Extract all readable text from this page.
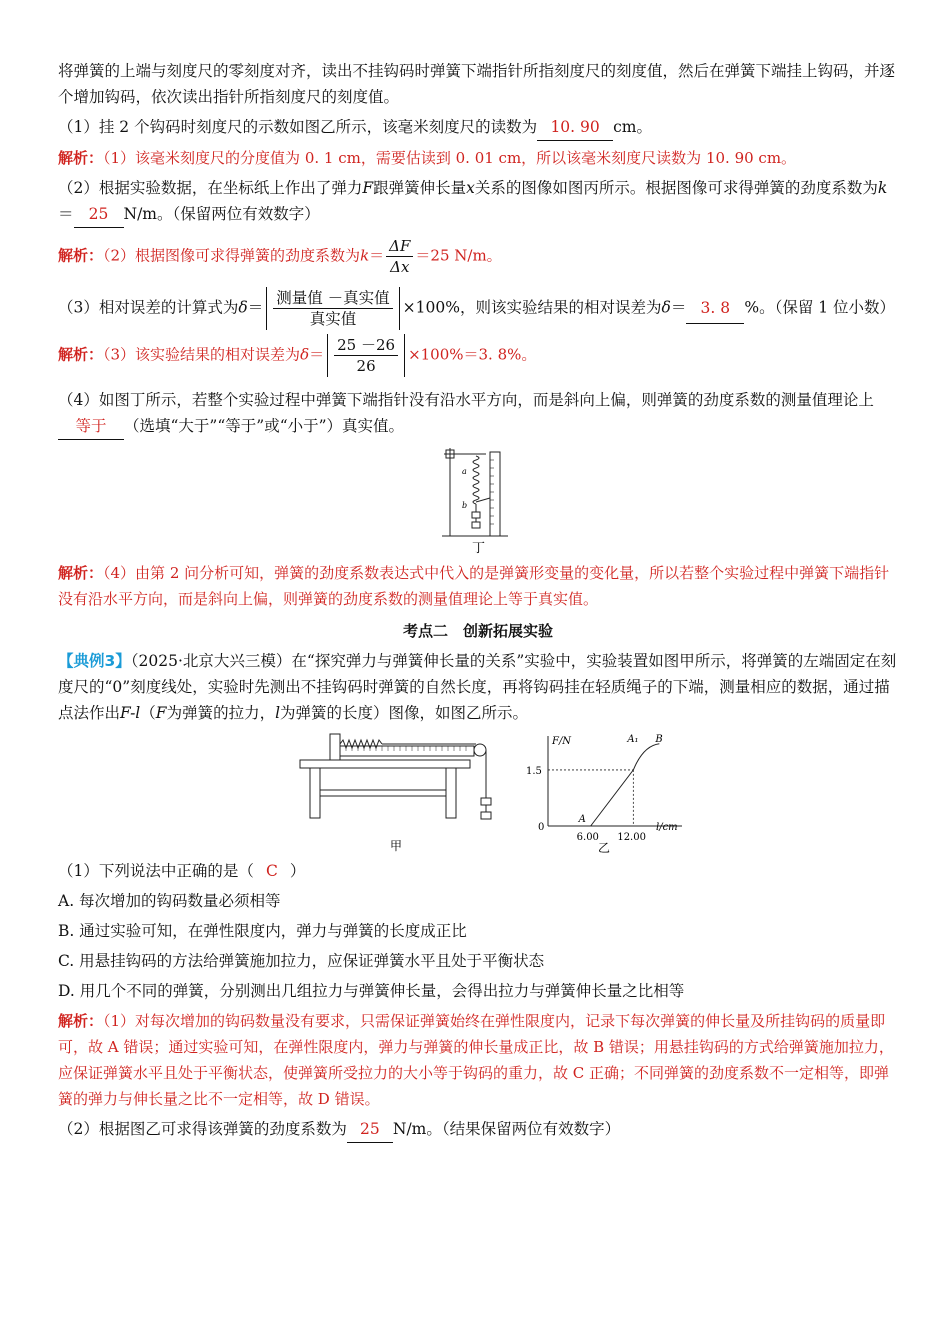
将弹簧的上端与刻度尺的零刻度对齐，读出不挂钩码时弹簧下端指针所指刻度尺的刻度值，然后在弹簧下端挂上钩码，并逐个增加钩码，依次读出指针所指刻度尺的刻度值。

（1）挂 2 个钩码时刻度尺的示数如图乙所示，该毫米刻度尺的读数为 10. 90 cm。

解析：（1）该毫米刻度尺的分度值为 0. 1 cm，需要估读到 0. 01 cm，所以该毫米刻度尺读数为 10. 90 cm。

（2）根据实验数据，在坐标纸上作出了弹力F跟弹簧伸长量x关系的图像如图丙所示。根据图像可求得弹簧的劲度系数为k＝ 25 N/m。（保留两位有效数字）

解析：（2）根据图像可求得弹簧的劲度系数为$k= \frac{\Delta F}{\Delta x} =25$ N/m。

（3）相对误差的计算式为$\delta= \frac{\text{测量值 －真实值}}{\text{真实值}} \times 100\%$，则该实验结果的相对误差为δ＝ 3. 8 %。（保留 1 位小数）

解析：（3）该实验结果的相对误差为$\delta= \frac{25 -26}{26} \times 100\%=3$. 8%。

（4）如图丁所示，若整个实验过程中弹簧下端指针没有沿水平方向，而是斜向上偏，则弹簧的劲度系数的测量值理论上等于 （选填“大于”“等于”或“小于”）真实值。

a
b
丁

解析：（4）由第 2 问分析可知，弹簧的劲度系数表达式中代入的是弹簧形变量的变化量，所以若整个实验过程中弹簧下端指针没有沿水平方向，而是斜向上偏，则弹簧的劲度系数的测量值理论上等于真实值。

考点二　创新拓展实验

【典例3】（2025·北京大兴三模）在“探究弹力与弹簧伸长量的关系”实验中，实验装置如图甲所示，将弹簧的左端固定在刻度尺的“0”刻度线处，实验时先测出不挂钩码时弹簧的自然长度，再将钩码挂在轻质绳子的下端，测量相应的数据，通过描点法作出F-l（F为弹簧的拉力，l为弹簧的长度）图像，如图乙所示。

甲
F/N
l/cm
0
1.5
6.00 12.00
A
A₁ B
乙

（1）下列说法中正确的是（ C ）

A. 每次增加的钩码数量必须相等

B. 通过实验可知，在弹性限度内，弹力与弹簧的长度成正比

C. 用悬挂钩码的方法给弹簧施加拉力，应保证弹簧水平且处于平衡状态

D. 用几个不同的弹簧，分别测出几组拉力与弹簧伸长量，会得出拉力与弹簧伸长量之比相等

解析：（1）对每次增加的钩码数量没有要求，只需保证弹簧始终在弹性限度内，记录下每次弹簧的伸长量及所挂钩码的质量即可，故 A 错误；通过实验可知，在弹性限度内，弹力与弹簧的伸长量成正比，故 B 错误；用悬挂钩码的方式给弹簧施加拉力，应保证弹簧水平且处于平衡状态，使弹簧所受拉力的大小等于钩码的重力，故 C 正确；不同弹簧的劲度系数不一定相等，即弹簧的弹力与伸长量之比不一定相等，故 D 错误。

（2）根据图乙可求得该弹簧的劲度系数为 25 N/m。（结果保留两位有效数字）
